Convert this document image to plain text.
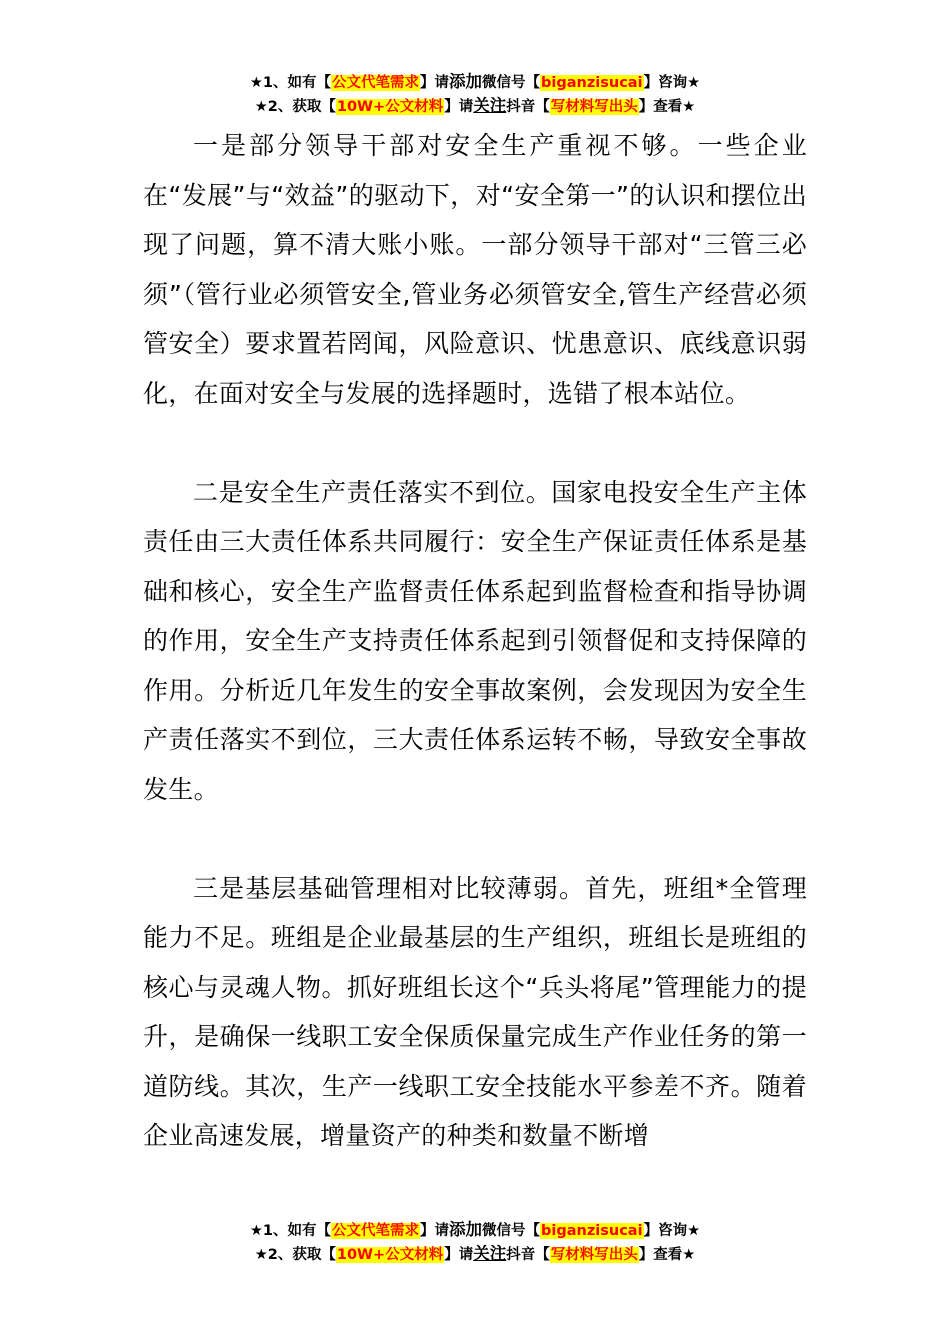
★1、如有【公文代笔需求】请添加微信号【biganzisucai】咨询★
★2、获取【10W+公文材料】请关注抖音【写材料写出头】查看★

一是部分领导干部对安全生产重视不够。一些企业在“发展”与“效益”的驱动下，对“安全第一”的认识和摆位出现了问题，算不清大账小账。一部分领导干部对“三管三必须”（管行业必须管安全,管业务必须管安全,管生产经营必须管安全）要求置若罔闻，风险意识、忧患意识、底线意识弱化，在面对安全与发展的选择题时，选错了根本站位。

二是安全生产责任落实不到位。国家电投安全生产主体责任由三大责任体系共同履行：安全生产保证责任体系是基础和核心，安全生产监督责任体系起到监督检查和指导协调的作用，安全生产支持责任体系起到引领督促和支持保障的作用。分析近几年发生的安全事故案例，会发现因为安全生产责任落实不到位，三大责任体系运转不畅，导致安全事故发生。

三是基层基础管理相对比较薄弱。首先，班组*全管理能力不足。班组是企业最基层的生产组织，班组长是班组的核心与灵魂人物。抓好班组长这个“兵头将尾”管理能力的提升，是确保一线职工安全保质保量完成生产作业任务的第一道防线。其次，生产一线职工安全技能水平参差不齐。随着企业高速发展，增量资产的种类和数量不断增

★1、如有【公文代笔需求】请添加微信号【biganzisucai】咨询★
★2、获取【10W+公文材料】请关注抖音【写材料写出头】查看★
